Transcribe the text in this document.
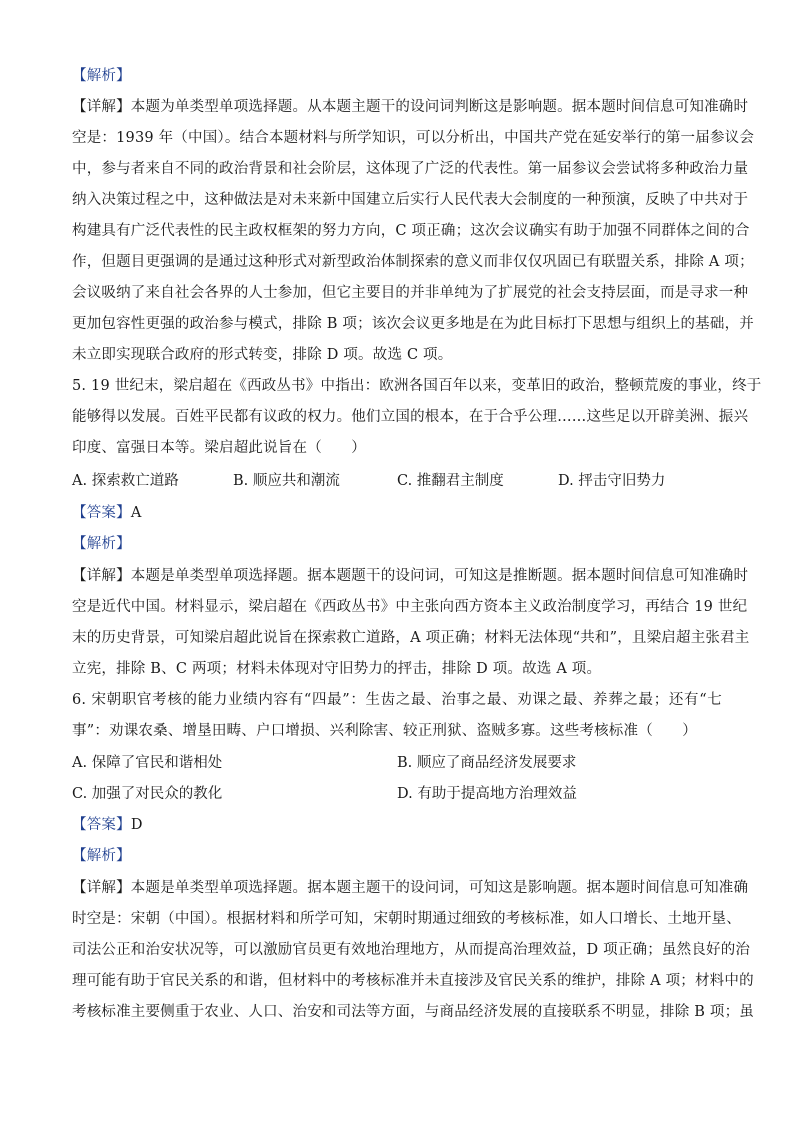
【解析】
【详解】本题为单类型单项选择题。从本题主题干的设问词判断这是影响题。据本题时间信息可知准确时
空是：1939 年（中国）。结合本题材料与所学知识，可以分析出，中国共产党在延安举行的第一届参议会
中，参与者来自不同的政治背景和社会阶层，这体现了广泛的代表性。第一届参议会尝试将多种政治力量
纳入决策过程之中，这种做法是对未来新中国建立后实行人民代表大会制度的一种预演，反映了中共对于
构建具有广泛代表性的民主政权框架的努力方向，C 项正确；这次会议确实有助于加强不同群体之间的合
作，但题目更强调的是通过这种形式对新型政治体制探索的意义而非仅仅巩固已有联盟关系，排除 A 项；
会议吸纳了来自社会各界的人士参加，但它主要目的并非单纯为了扩展党的社会支持层面，而是寻求一种
更加包容性更强的政治参与模式，排除 B 项；该次会议更多地是在为此目标打下思想与组织上的基础，并
未立即实现联合政府的形式转变，排除 D 项。故选 C 项。
5. 19 世纪末，梁启超在《西政丛书》中指出：欧洲各国百年以来，变革旧的政治，整顿荒废的事业，终于
能够得以发展。百姓平民都有议政的权力。他们立国的根本，在于合乎公理……这些足以开辟美洲、振兴
印度、富强日本等。梁启超此说旨在（　　）
A. 探索救亡道路	B. 顺应共和潮流	C. 推翻君主制度	D. 抨击守旧势力
【答案】A
【解析】
【详解】本题是单类型单项选择题。据本题题干的设问词，可知这是推断题。据本题时间信息可知准确时
空是近代中国。材料显示，梁启超在《西政丛书》中主张向西方资本主义政治制度学习，再结合 19 世纪
末的历史背景，可知梁启超此说旨在探索救亡道路，A 项正确；材料无法体现“共和”，且梁启超主张君主
立宪，排除 B、C 两项；材料未体现对守旧势力的抨击，排除 D 项。故选 A 项。
6. 宋朝职官考核的能力业绩内容有“四最”：生齿之最、治事之最、劝课之最、养葬之最；还有“七
事”：劝课农桑、增垦田畴、户口增损、兴利除害、较正刑狱、盗贼多寡。这些考核标准（　　）
A. 保障了官民和谐相处	B. 顺应了商品经济发展要求
C. 加强了对民众的教化	D. 有助于提高地方治理效益
【答案】D
【解析】
【详解】本题是单类型单项选择题。据本题主题干的设问词，可知这是影响题。据本题时间信息可知准确
时空是：宋朝（中国）。根据材料和所学可知，宋朝时期通过细致的考核标准，如人口增长、土地开垦、
司法公正和治安状况等，可以激励官员更有效地治理地方，从而提高治理效益，D 项正确；虽然良好的治
理可能有助于官民关系的和谐，但材料中的考核标准并未直接涉及官民关系的维护，排除 A 项；材料中的
考核标准主要侧重于农业、人口、治安和司法等方面，与商品经济发展的直接联系不明显，排除 B 项；虽
